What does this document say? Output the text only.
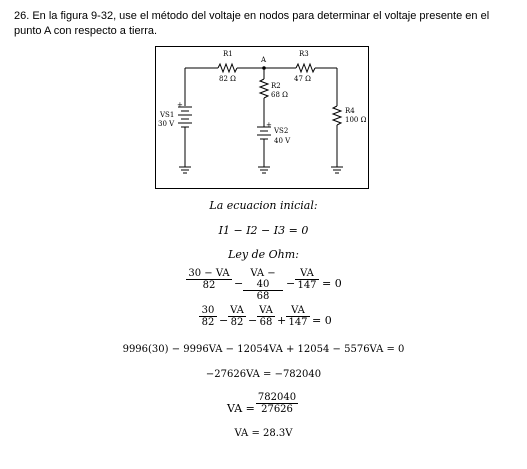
26. En la figura 9-32, use el método del voltaje en nodos para determinar el voltaje presente en el punto A con respecto a tierra.
R1
82 Ω
A
R3
47 Ω
R2
68 Ω
R4
100 Ω
VS1
30 V
+
VS2
40 V
+
La ecuacion inicial:
I1 − I2 − I3 = 0
Ley de Ohm:
$\frac{30 - VA}{82} - \frac{VA - 40}{68} - \frac{VA}{147} = 0$
$\frac{30}{82} - \frac{VA}{82} - \frac{VA}{68} + \frac{VA}{147} = 0$
9996(30) − 9996VA − 12054VA + 12054 − 5576VA = 0
−27626VA = −782040
VA = $\frac{782040}{27626}$
VA = 28.3V
